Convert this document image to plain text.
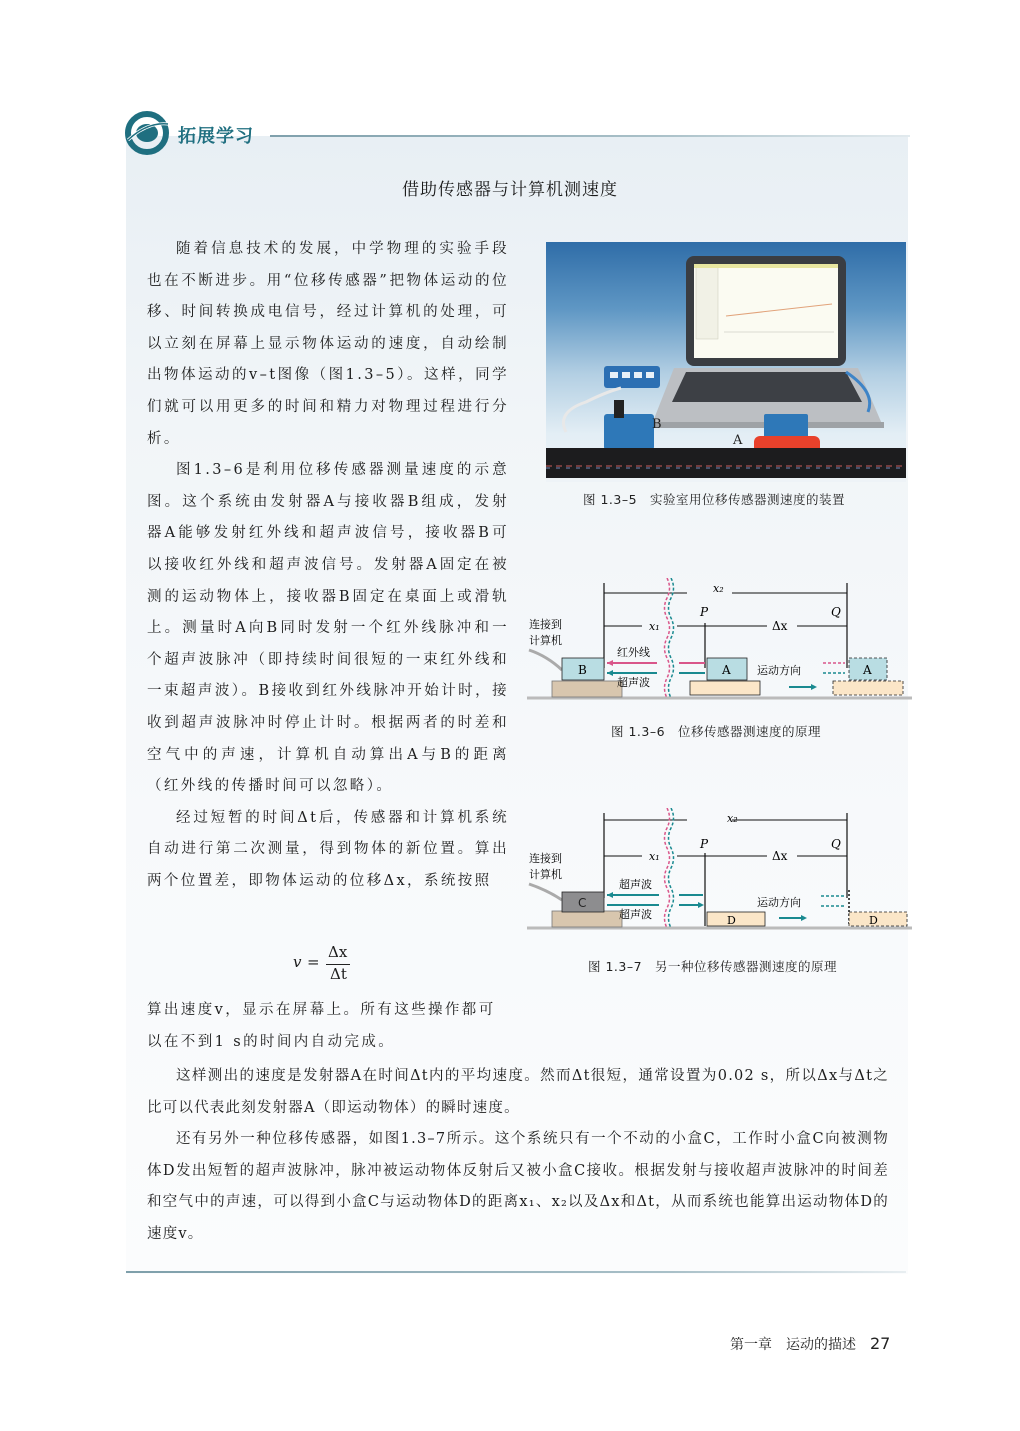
拓展学习
借助传感器与计算机测速度

随着信息技术的发展，中学物理的实验手段也在不断进步。用“位移传感器”把物体运动的位移、时间转换成电信号，经过计算机的处理，可以立刻在屏幕上显示物体运动的速度，自动绘制出物体运动的v–t图像（图1.3–5）。这样，同学们就可以用更多的时间和精力对物理过程进行分析。

图1.3–6是利用位移传感器测量速度的示意图。这个系统由发射器A与接收器B组成，发射器A能够发射红外线和超声波信号，接收器B可以接收红外线和超声波信号。发射器A固定在被测的运动物体上，接收器B固定在桌面上或滑轨上。测量时A向B同时发射一个红外线脉冲和一个超声波脉冲（即持续时间很短的一束红外线和一束超声波）。B接收到红外线脉冲开始计时，接收到超声波脉冲时停止计时。根据两者的时差和空气中的声速，计算机自动算出A与B的距离（红外线的传播时间可以忽略）。

经过短暂的时间Δt后，传感器和计算机系统自动进行第二次测量，得到物体的新位置。算出两个位置差，即物体运动的位移Δx，系统按照

v =
Δx
Δt

算出速度v，显示在屏幕上。所有这些操作都可以在不到1 s的时间内自动完成。

这样测出的速度是发射器A在时间Δt内的平均速度。然而Δt很短，通常设置为0.02 s，所以Δx与Δt之比可以代表此刻发射器A（即运动物体）的瞬时速度。

还有另外一种位移传感器，如图1.3–7所示。这个系统只有一个不动的小盒C，工作时小盒C向被测物体D发出短暂的超声波脉冲，脉冲被运动物体反射后又被小盒C接收。根据发射与接收超声波脉冲的时间差和空气中的声速，可以得到小盒C与运动物体D的距离x₁、x₂以及Δx和Δt，从而系统也能算出运动物体D的速度v。

B
A
图 1.3–5　实验室用位移传感器测速度的装置
x₂
x₁
P	Q
Δx
连接到
计算机
B
红外线
超声波
A 运动方向	A
图 1.3–6　位移传感器测速度的原理
x₂
x₁
P	Q
Δx
连接到
计算机
C
超声波
超声波	D
运动方向
D
图 1.3–7　另一种位移传感器测速度的原理
第一章　运动的描述 27
